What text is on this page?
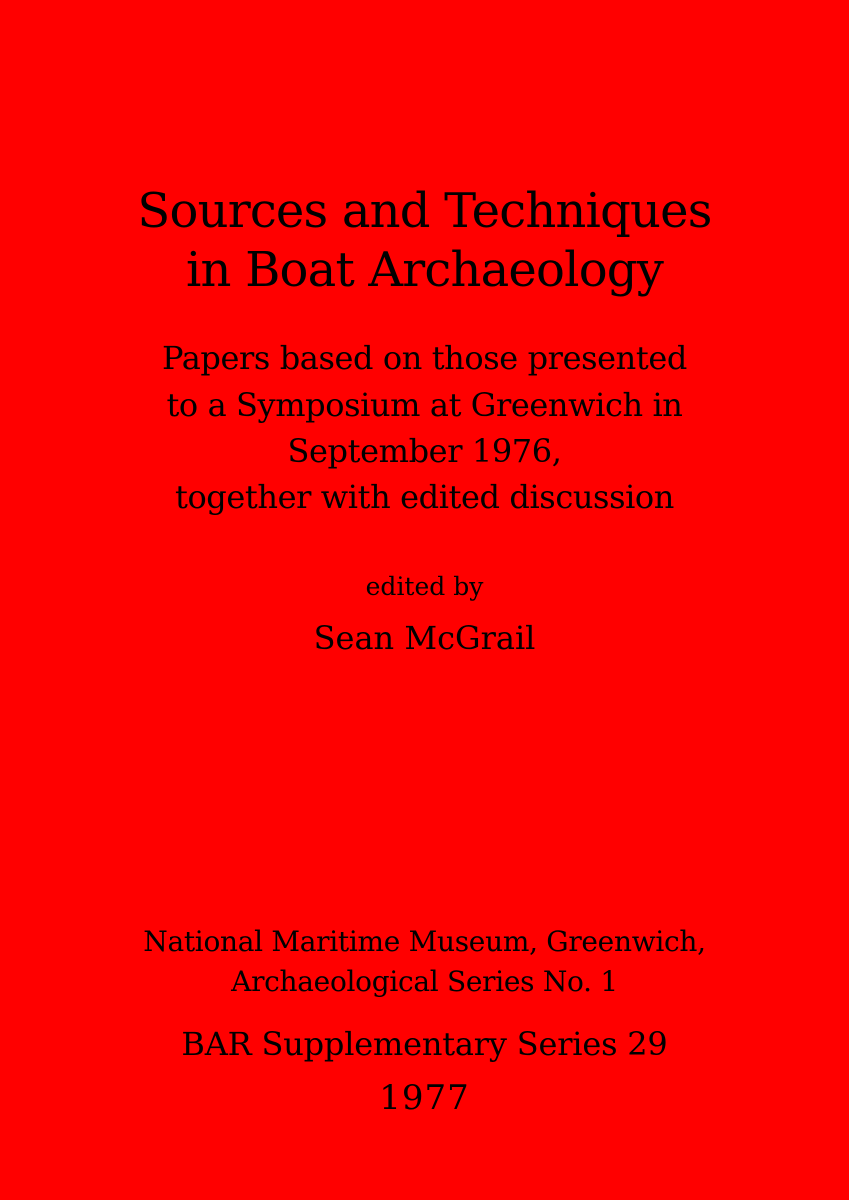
Sources and Techniques
in Boat Archaeology
Papers based on those presented
to a Symposium at Greenwich in
September 1976,
together with edited discussion
edited by
Sean McGrail
National Maritime Museum, Greenwich,
Archaeological Series No. 1
BAR Supplementary Series 29
1977
